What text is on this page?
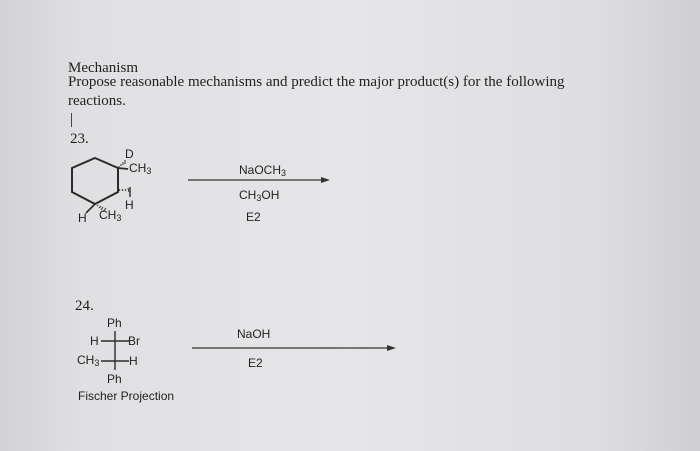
Mechanism
Propose reasonable mechanisms and predict the major product(s) for the following
reactions.
23.
24.
D
$CH_3$
H
H $CH_3$
NaOCH$_3$
$CH_3OH$
E2
Ph
H Br
$CH_3$ H
Ph
Fischer Projection
NaOH
E2
